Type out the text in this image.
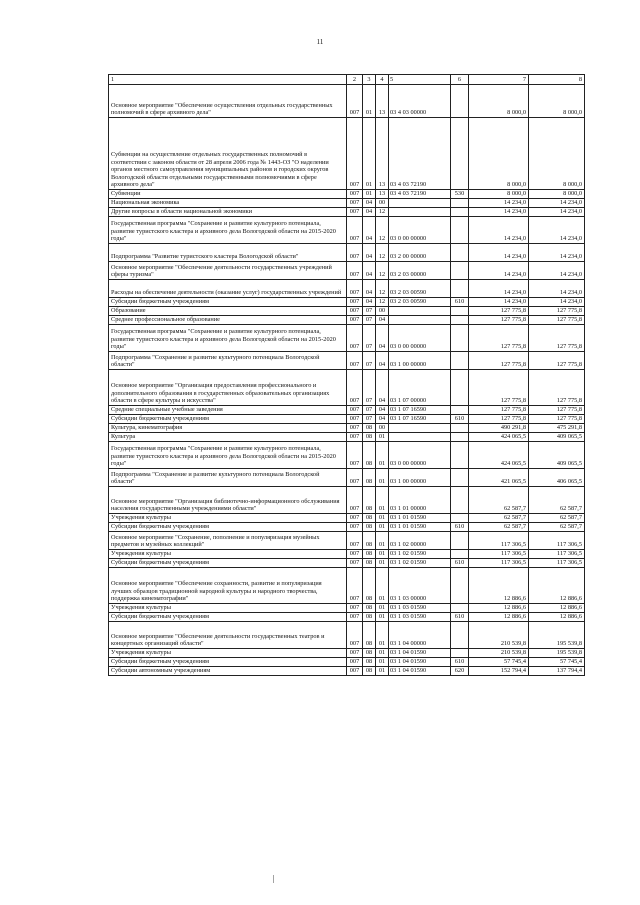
11
1	2	3	4	5	6	7	8
Основное мероприятие "Обеспечение осуществления отдельных государственных полномочий в сфере архивного дела"	007	01	13	03 4 03 00000		8 000,0	8 000,0
Субвенции на осуществление отдельных государственных полномочий в соответствии с законом области от 28 апреля 2006 года № 1443-ОЗ "О наделении органов местного самоуправления муниципальных районов и городских округов Вологодской области отдельными государственными полномочиями в сфере архивного дела"	007	01	13	03 4 03 72190		8 000,0	8 000,0
Субвенции	007	01	13	03 4 03 72190	530	8 000,0	8 000,0
Национальная экономика	007	04	00			14 234,0	14 234,0
Другие вопросы в области национальной экономики	007	04	12			14 234,0	14 234,0
Государственная программа "Сохранение и развитие культурного потенциала, развитие туристского кластера и архивного дела Вологодской области на 2015-2020 годы"	007	04	12	03 0 00 00000		14 234,0	14 234,0
Подпрограмма "Развитие туристского кластера Вологодской области"	007	04	12	03 2 00 00000		14 234,0	14 234,0
Основное мероприятие "Обеспечение деятельности государственных учреждений сферы туризма"	007	04	12	03 2 03 00000		14 234,0	14 234,0
Расходы на обеспечение деятельности (оказание услуг) государственных учреждений	007	04	12	03 2 03 00590		14 234,0	14 234,0
Субсидии бюджетным учреждениям	007	04	12	03 2 03 00590	610	14 234,0	14 234,0
Образование	007	07	00			127 775,8	127 775,8
Среднее профессиональное образование	007	07	04			127 775,8	127 775,8
Государственная программа "Сохранение и развитие культурного потенциала, развитие туристского кластера и архивного дела Вологодской области на 2015-2020 годы"	007	07	04	03 0 00 00000		127 775,8	127 775,8
Подпрограмма "Сохранение и развитие культурного потенциала Вологодской области"	007	07	04	03 1 00 00000		127 775,8	127 775,8
Основное мероприятие "Организация предоставления профессионального и дополнительного образования в государственных образовательных организациях области в сфере культуры и искусства"	007	07	04	03 1 07 00000		127 775,8	127 775,8
Средние специальные учебные заведения	007	07	04	03 1 07 16590		127 775,8	127 775,8
Субсидии бюджетным учреждениям	007	07	04	03 1 07 16590	610	127 775,8	127 775,8
Культура, кинематография	007	08	00			490 291,8	475 291,8
Культура	007	08	01			424 065,5	409 065,5
Государственная программа "Сохранение и развитие культурного потенциала, развитие туристского кластера и архивного дела Вологодской области на 2015-2020 годы"	007	08	01	03 0 00 00000		424 065,5	409 065,5
Подпрограмма "Сохранение и развитие культурного потенциала Вологодской области"	007	08	01	03 1 00 00000		421 065,5	406 065,5
Основное мероприятие "Организация библиотечно-информационного обслуживания населения государственными учреждениями области"	007	08	01	03 1 01 00000		62 587,7	62 587,7
Учреждения культуры	007	08	01	03 1 01 01590		62 587,7	62 587,7
Субсидии бюджетным учреждениям	007	08	01	03 1 01 01590	610	62 587,7	62 587,7
Основное мероприятие "Сохранение, пополнение и популяризация музейных предметов и музейных коллекций"	007	08	01	03 1 02 00000		117 306,5	117 306,5
Учреждения культуры	007	08	01	03 1 02 01590		117 306,5	117 306,5
Субсидии бюджетным учреждениям	007	08	01	03 1 02 01590	610	117 306,5	117 306,5
Основное мероприятие "Обеспечение сохранности, развитие и популяризация лучших образцов традиционной народной культуры и народного творчества, поддержка кинематографии"	007	08	01	03 1 03 00000		12 886,6	12 886,6
Учреждения культуры	007	08	01	03 1 03 01590		12 886,6	12 886,6
Субсидии бюджетным учреждениям	007	08	01	03 1 03 01590	610	12 886,6	12 886,6
Основное мероприятие "Обеспечение деятельности государственных театров и концертных организаций области"	007	08	01	03 1 04 00000		210 539,8	195 539,8
Учреждения культуры	007	08	01	03 1 04 01590		210 539,8	195 539,8
Субсидии бюджетным учреждениям	007	08	01	03 1 04 01590	610	57 745,4	57 745,4
Субсидии автономным учреждениям	007	08	01	03 1 04 01590	620	152 794,4	137 794,4
|
